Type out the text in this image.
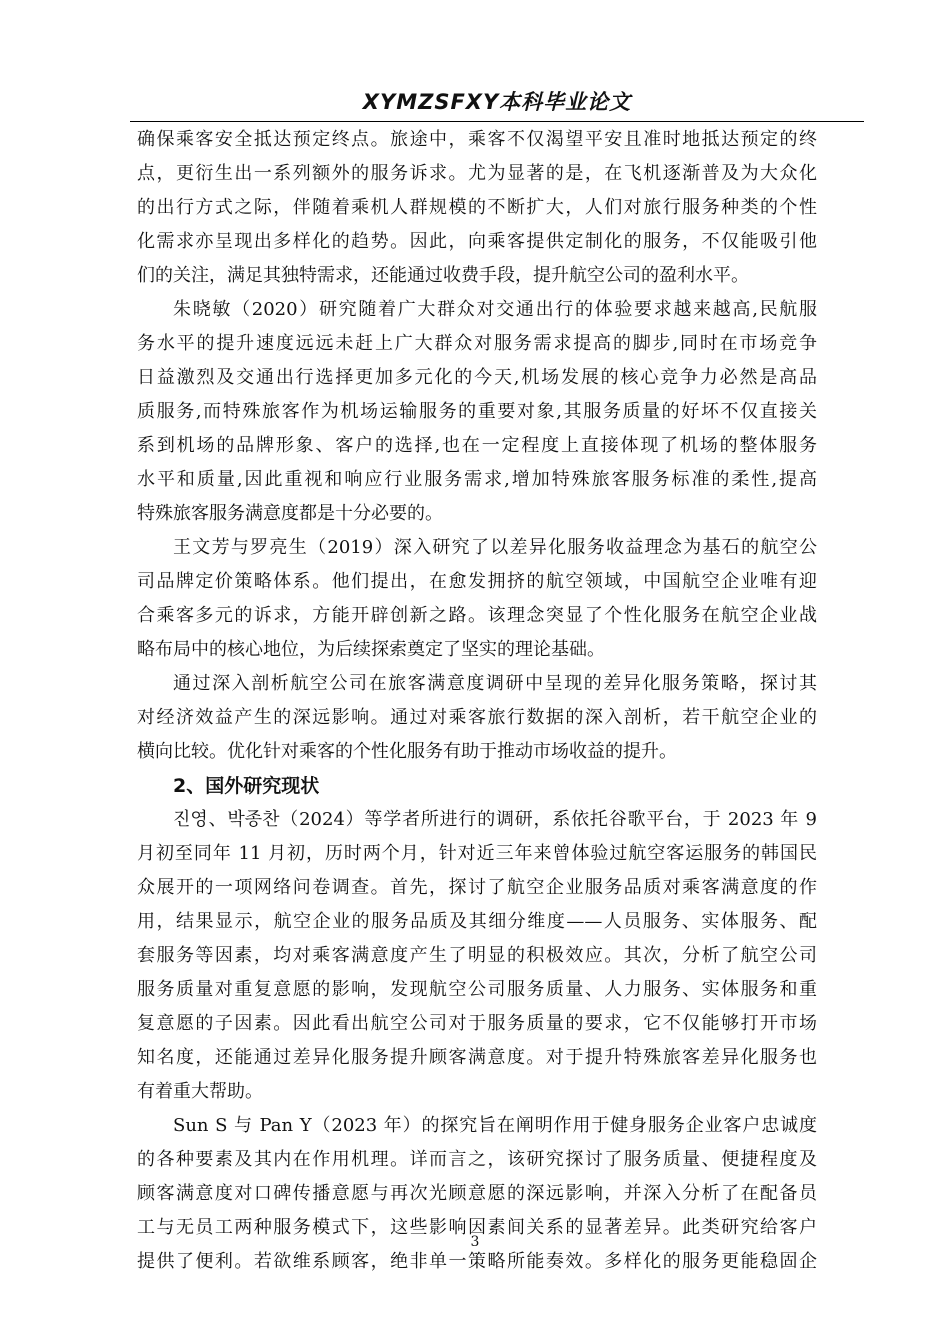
XYMZSFXY本科毕业论文
确保乘客安全抵达预定终点。旅途中，乘客不仅渴望平安且准时地抵达预定的终
点，更衍生出一系列额外的服务诉求。尤为显著的是，在飞机逐渐普及为大众化
的出行方式之际，伴随着乘机人群规模的不断扩大，人们对旅行服务种类的个性
化需求亦呈现出多样化的趋势。因此，向乘客提供定制化的服务，不仅能吸引他
们的关注，满足其独特需求，还能通过收费手段，提升航空公司的盈利水平。
朱晓敏（2020）研究随着广大群众对交通出行的体验要求越来越高,民航服
务水平的提升速度远远未赶上广大群众对服务需求提高的脚步,同时在市场竞争
日益激烈及交通出行选择更加多元化的今天,机场发展的核心竞争力必然是高品
质服务,而特殊旅客作为机场运输服务的重要对象,其服务质量的好坏不仅直接关
系到机场的品牌形象、客户的选择,也在一定程度上直接体现了机场的整体服务
水平和质量,因此重视和响应行业服务需求,增加特殊旅客服务标准的柔性,提高
特殊旅客服务满意度都是十分必要的。
王文芳与罗亮生（2019）深入研究了以差异化服务收益理念为基石的航空公
司品牌定价策略体系。他们提出，在愈发拥挤的航空领域，中国航空企业唯有迎
合乘客多元的诉求，方能开辟创新之路。该理念突显了个性化服务在航空企业战
略布局中的核心地位，为后续探索奠定了坚实的理论基础。
通过深入剖析航空公司在旅客满意度调研中呈现的差异化服务策略，探讨其
对经济效益产生的深远影响。通过对乘客旅行数据的深入剖析，若干航空企业的
横向比较。优化针对乘客的个性化服务有助于推动市场收益的提升。
2、国外研究现状
진영、박종찬（2024）等学者所进行的调研，系依托谷歌平台，于 2023 年 9
月初至同年 11 月初，历时两个月，针对近三年来曾体验过航空客运服务的韩国民
众展开的一项网络问卷调查。首先，探讨了航空企业服务品质对乘客满意度的作
用，结果显示，航空企业的服务品质及其细分维度——人员服务、实体服务、配
套服务等因素，均对乘客满意度产生了明显的积极效应。其次，分析了航空公司
服务质量对重复意愿的影响，发现航空公司服务质量、人力服务、实体服务和重
复意愿的子因素。因此看出航空公司对于服务质量的要求，它不仅能够打开市场
知名度，还能通过差异化服务提升顾客满意度。对于提升特殊旅客差异化服务也
有着重大帮助。
Sun S 与 Pan Y（2023 年）的探究旨在阐明作用于健身服务企业客户忠诚度
的各种要素及其内在作用机理。详而言之，该研究探讨了服务质量、便捷程度及
顾客满意度对口碑传播意愿与再次光顾意愿的深远影响，并深入分析了在配备员
工与无员工两种服务模式下，这些影响因素间关系的显著差异。此类研究给客户
提供了便利。若欲维系顾客，绝非单一策略所能奏效。多样化的服务更能稳固企
3
